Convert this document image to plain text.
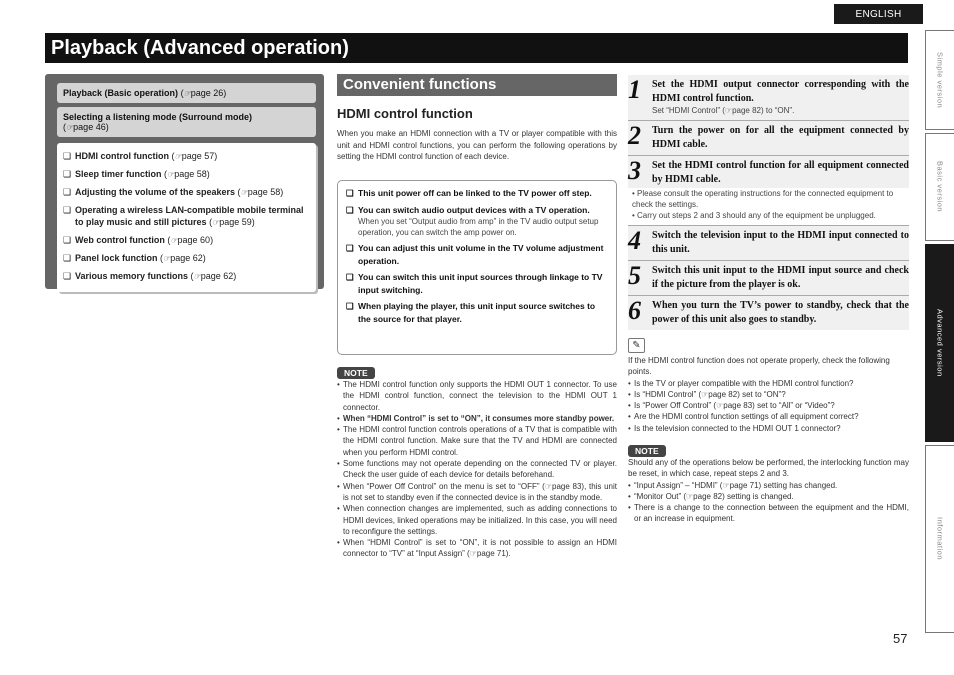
ENGLISH
Playback (Advanced operation)
Simple version
Basic version
Advanced version
Information
57
Playback (Basic operation) (☞page 26)
Selecting a listening mode (Surround mode)
(☞page 46)
❏ HDMI control function (☞page 57)
❏ Sleep timer function (☞page 58)
❏ Adjusting the volume of the speakers (☞page 58)
❏ Operating a wireless LAN-compatible mobile terminal to play music and still pictures (☞page 59)
❏ Web control function (☞page 60)
❏ Panel lock function (☞page 62)
❏ Various memory functions (☞page 62)
Convenient functions
HDMI control function
When you make an HDMI connection with a TV or player compatible with this unit and HDMI control functions, you can perform the following operations by setting the HDMI control function of each device.
❏ This unit power off can be linked to the TV power off step.
❏ You can switch audio output devices with a TV operation.
When you set “Output audio from amp” in the TV audio output setup operation, you can switch the amp power on.
❏ You can adjust this unit volume in the TV volume adjustment operation.
❏ You can switch this unit input sources through linkage to TV input switching.
❏ When playing the player, this unit input source switches to the source for that player.
NOTE
• The HDMI control function only supports the HDMI OUT 1 connector. To use the HDMI control function, connect the television to the HDMI OUT 1 connector.
• When “HDMI Control” is set to “ON”, it consumes more standby power.
• The HDMI control function controls operations of a TV that is compatible with the HDMI control function. Make sure that the TV and HDMI are connected when you perform HDMI control.
• Some functions may not operate depending on the connected TV or player. Check the user guide of each device for details beforehand.
• When “Power Off Control” on the menu is set to “OFF” (☞page 83), this unit is not set to standby even if the connected device is in the standby mode.
• When connection changes are implemented, such as adding connections to HDMI devices, linked operations may be initialized. In this case, you will need to reconfigure the settings.
• When “HDMI Control” is set to “ON”, it is not possible to assign an HDMI connector to “TV” at “Input Assign” (☞page 71).
1	Set the HDMI output connector corresponding with the HDMI control function.
Set “HDMI Control” (☞page 82) to “ON”.
2	Turn the power on for all the equipment connected by HDMI cable.
3	Set the HDMI control function for all equipment connected by HDMI cable.
• Please consult the operating instructions for the connected equipment to check the settings.
• Carry out steps 2 and 3 should any of the equipment be unplugged.
4	Switch the television input to the HDMI input connected to this unit.
5	Switch this unit input to the HDMI input source and check if the picture from the player is ok.
6	When you turn the TV’s power to standby, check that the power of this unit also goes to standby.
✎
If the HDMI control function does not operate properly, check the following points.
• Is the TV or player compatible with the HDMI control function?
• Is “HDMI Control” (☞page 82) set to “ON”?
• Is “Power Off Control” (☞page 83) set to “All” or “Video”?
• Are the HDMI control function settings of all equipment correct?
• Is the television connected to the HDMI OUT 1 connector?
NOTE
Should any of the operations below be performed, the interlocking function may be reset, in which case, repeat steps 2 and 3.
• “Input Assign” – “HDMI” (☞page 71) setting has changed.
• “Monitor Out” (☞page 82) setting is changed.
• There is a change to the connection between the equipment and the HDMI, or an increase in equipment.
